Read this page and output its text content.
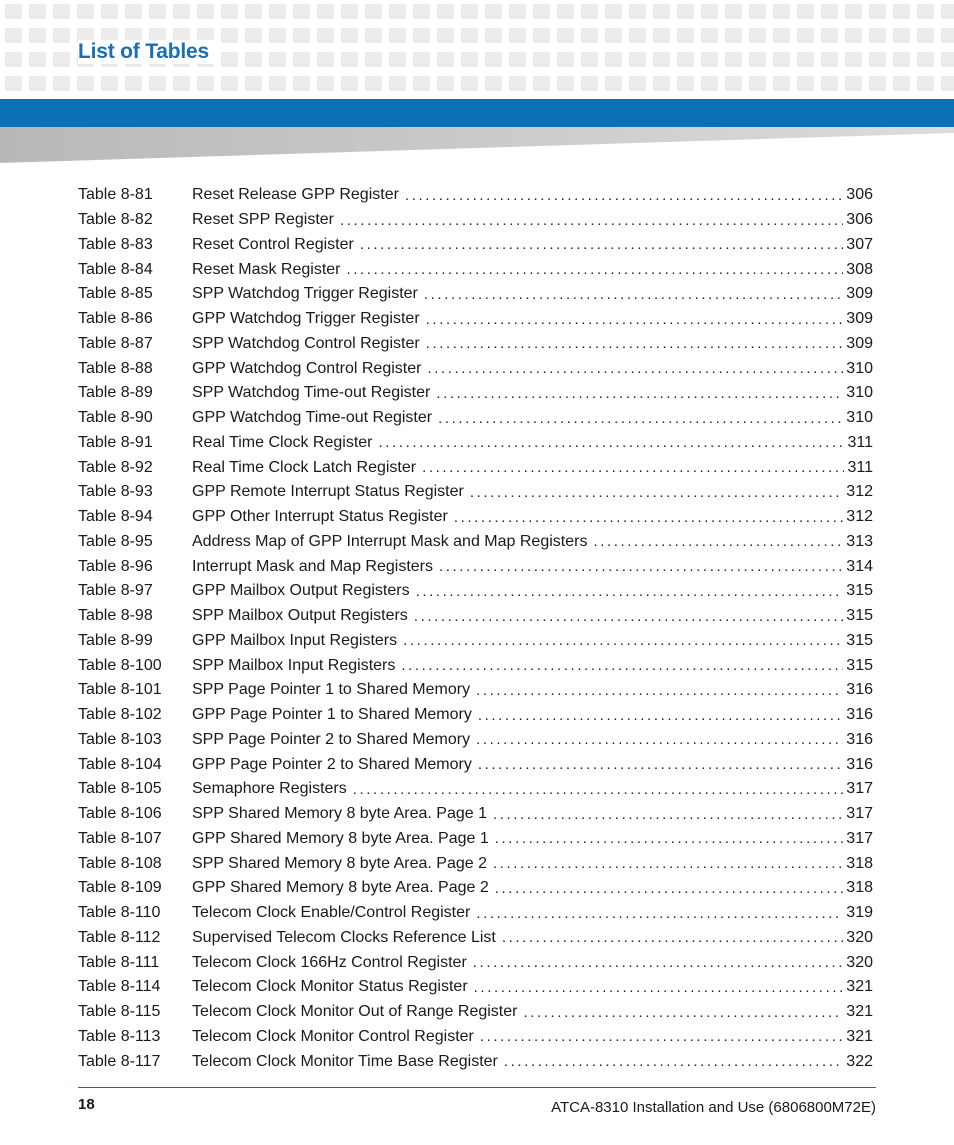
List of Tables
Table 8-81	Reset Release GPP Register .....	306
Table 8-82	Reset SPP Register .....	306
Table 8-83	Reset Control Register .....	307
Table 8-84	Reset Mask Register .....	308
Table 8-85	SPP Watchdog Trigger Register .....	309
Table 8-86	GPP Watchdog Trigger Register .....	309
Table 8-87	SPP Watchdog Control Register .....	309
Table 8-88	GPP Watchdog Control Register .....	310
Table 8-89	SPP Watchdog Time-out Register .....	310
Table 8-90	GPP Watchdog Time-out Register .....	310
Table 8-91	Real Time Clock Register .....	311
Table 8-92	Real Time Clock Latch Register .....	311
Table 8-93	GPP Remote Interrupt Status Register .....	312
Table 8-94	GPP Other Interrupt Status Register .....	312
Table 8-95	Address Map of GPP Interrupt Mask and Map Registers .....	313
Table 8-96	Interrupt Mask and Map Registers .....	314
Table 8-97	GPP Mailbox Output Registers .....	315
Table 8-98	SPP Mailbox Output Registers .....	315
Table 8-99	GPP Mailbox Input Registers .....	315
Table 8-100	SPP Mailbox Input Registers .....	315
Table 8-101	SPP Page Pointer 1 to Shared Memory .....	316
Table 8-102	GPP Page Pointer 1 to Shared Memory .....	316
Table 8-103	SPP Page Pointer 2 to Shared Memory .....	316
Table 8-104	GPP Page Pointer 2 to Shared Memory .....	316
Table 8-105	Semaphore Registers .....	317
Table 8-106	SPP Shared Memory 8 byte Area. Page 1 .....	317
Table 8-107	GPP Shared Memory 8 byte Area. Page 1 .....	317
Table 8-108	SPP Shared Memory 8 byte Area. Page 2 .....	318
Table 8-109	GPP Shared Memory 8 byte Area. Page 2 .....	318
Table 8-110	Telecom Clock Enable/Control Register .....	319
Table 8-112	Supervised Telecom Clocks Reference List .....	320
Table 8-111	Telecom Clock 166Hz Control Register .....	320
Table 8-114	Telecom Clock Monitor Status Register .....	321
Table 8-115	Telecom Clock Monitor Out of Range Register .....	321
Table 8-113	Telecom Clock Monitor Control Register .....	321
Table 8-117	Telecom Clock Monitor Time Base Register .....	322
18	ATCA-8310 Installation and Use (6806800M72E)
